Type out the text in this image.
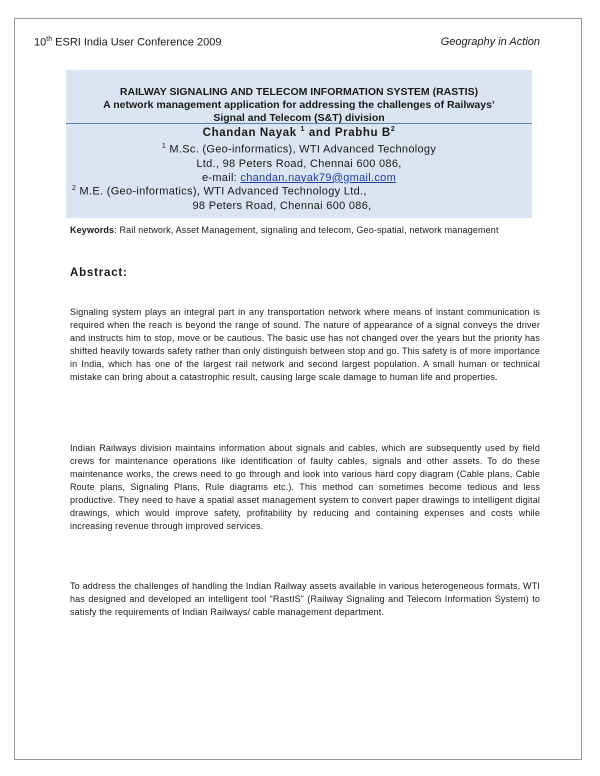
10th ESRI India User Conference 2009	Geography in Action
RAILWAY SIGNALING AND TELECOM INFORMATION SYSTEM (RASTIS)
A network management application for addressing the challenges of Railways’
Signal and Telecom (S&T) division
Chandan Nayak $^1$ and Prabhu $B^2$
$^1$ M.Sc. (Geo-informatics), WTI Advanced Technology
Ltd., 98 Peters Road, Chennai 600 086,
e-mail: chandan.nayak79@gmail.com
$^2$ M.E. (Geo-informatics), WTI Advanced Technology Ltd.,
98 Peters Road, Chennai 600 086,
Keywords: Rail network, Asset Management, signaling and telecom, Geo-spatial, network management
Abstract:
Signaling system plays an integral part in any transportation network where means of instant communication is required when the reach is beyond the range of sound. The nature of appearance of a signal conveys the driver and instructs him to stop, move or be cautious. The basic use has not changed over the years but the priority has shifted heavily towards safety rather than only distinguish between stop and go. This safety is of more importance in India, which has one of the largest rail network and second largest population. A small human or technical mistake can bring about a catastrophic result, causing large scale damage to human life and properties.
Indian Railways division maintains information about signals and cables, which are subsequently used by field crews for maintenance operations like identification of faulty cables, signals and other assets. To do these maintenance works, the crews need to go through and look into various hard copy diagram (Cable plans, Cable Route plans, Signaling Plans, Rule diagrams etc.). This method can sometimes become tedious and less productive. They need to have a spatial asset management system to convert paper drawings to intelligent digital drawings, which would improve safety, profitability by reducing and containing expenses and costs while increasing revenue through improved services.
To address the challenges of handling the Indian Railway assets available in various heterogeneous formats, WTI has designed and developed an intelligent tool “RastIS” (Railway Signaling and Telecom Information System) to satisfy the requirements of Indian Railways/ cable management department.
